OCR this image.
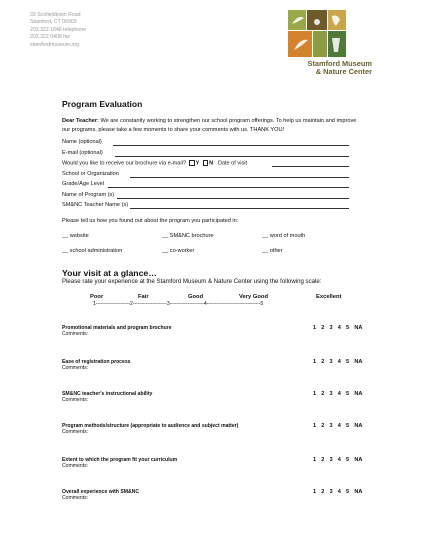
39 Scofieldtown Road
Stamford, CT 06903
203.322.1646 telephone
203.322.0408 fax
stamfordmuseum.org
Stamford Museum
& Nature Center
Program Evaluation
Dear Teacher: We are constantly working to strengthen our school program offerings. To help us maintain and improve our programs, please take a few moments to share your comments with us. THANK YOU!
Name (optional)
E-mail (optional)
Would you like to receive our brochure via e-mail? Y N Date of visit
School or Organization
Grade/Age Level
Name of Program (s)
SM&NC Teacher Name (s)
Please tell us how you found out about the program you participated in:
__ website	__ SM&NC brochure	__ word of mouth
__ school administration	__ co-worker	__ other
Your visit at a glance…
Please rate your experience at the Stamford Museum & Nature Center using the following scale:
Poor	Fair	Good	Very Good	Excellent
1---------------------2---------------------3---------------------4---------------------------------5
Promotional materials and program brochure
Comments:
1 2 3 4 5 NA
Ease of registration process
Comments:
1 2 3 4 5 NA
SM&NC teacher's instructional ability
Comments:
1 2 3 4 5 NA
Program methods/structure (appropriate to audience and subject matter)
Comments:
1 2 3 4 5 NA
Extent to which the program fit your curriculum
Comments:
1 2 3 4 5 NA
Overall experience with SM&NC
Comments:
1 2 3 4 5 NA
